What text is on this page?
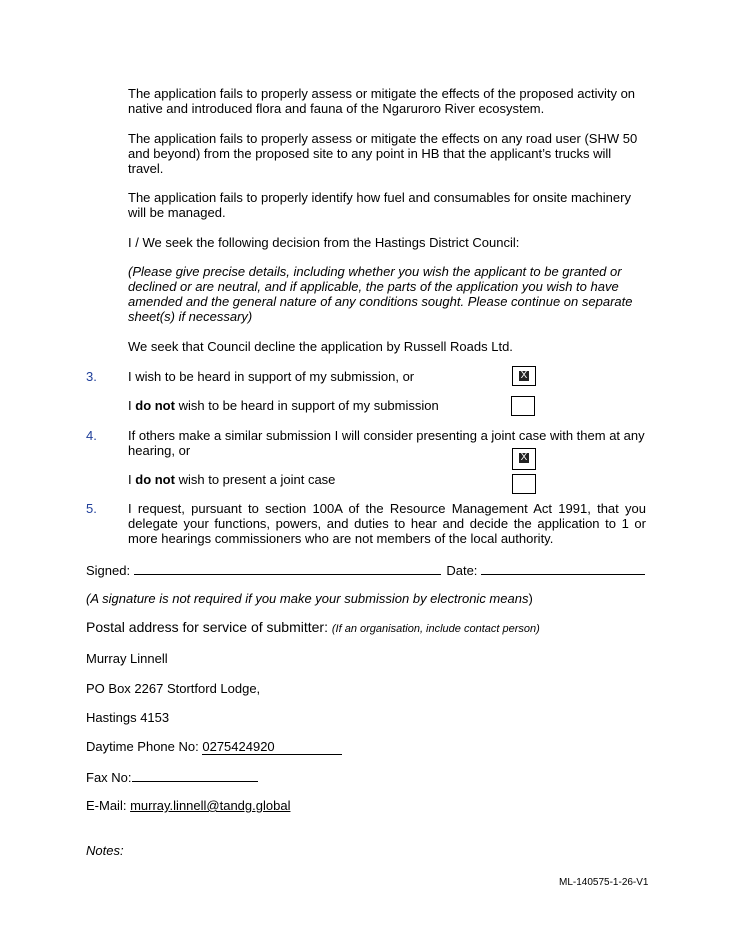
The application fails to properly assess or mitigate the effects of the proposed activity on native and introduced flora and fauna of the Ngaruroro River ecosystem.
The application fails to properly assess or mitigate the effects on any road user (SHW 50 and beyond) from the proposed site to any point in HB that the applicant’s trucks will travel.
The application fails to properly identify how fuel and consumables for onsite machinery will be managed.
I / We seek the following decision from the Hastings District Council:
(Please give precise details, including whether you wish the applicant to be granted or declined or are neutral, and if applicable, the parts of the application you wish to have amended and the general nature of any conditions sought. Please continue on separate sheet(s) if necessary)
We seek that Council decline the application by Russell Roads Ltd.
3. I wish to be heard in support of my submission, or	X
I do not wish to be heard in support of my submission
4. If others make a similar submission I will consider presenting a joint case with them at any hearing, or	X
I do not wish to present a joint case
5. I request, pursuant to section 100A of the Resource Management Act 1991, that you delegate your functions, powers, and duties to hear and decide the application to 1 or more hearings commissioners who are not members of the local authority.
Signed:	Date:
(A signature is not required if you make your submission by electronic means)
Postal address for service of submitter: (If an organisation, include contact person)
Murray Linnell
PO Box 2267 Stortford Lodge,
Hastings 4153
Daytime Phone No: 0275424920
Fax No:
E-Mail: murray.linnell@tandg.global
Notes:
ML-140575-1-26-V1
